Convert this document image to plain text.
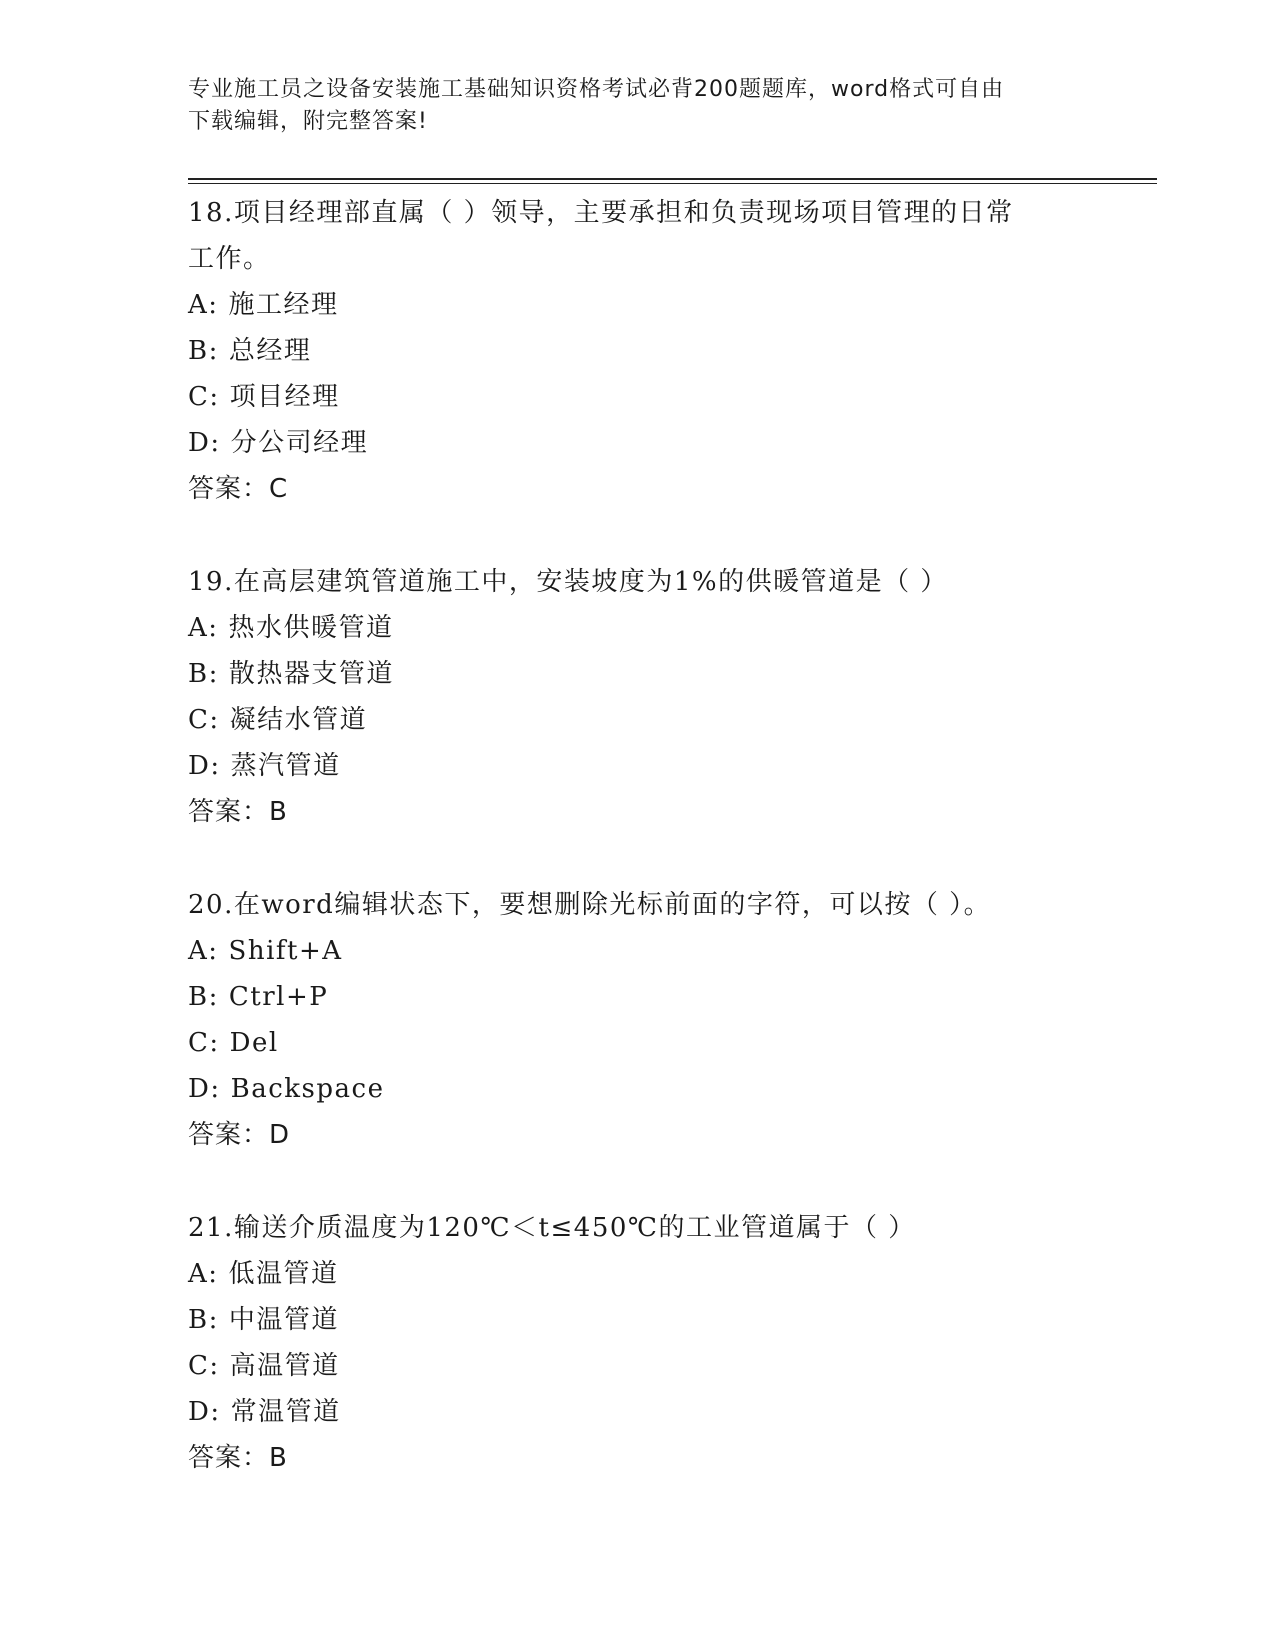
专业施工员之设备安装施工基础知识资格考试必背200题题库，word格式可自由
下载编辑，附完整答案!
18.项目经理部直属（ ）领导，主要承担和负责现场项目管理的日常
工作。
A: 施工经理
B: 总经理
C: 项目经理
D: 分公司经理
答案：C
19.在高层建筑管道施工中，安装坡度为1%的供暖管道是（ ）
A: 热水供暖管道
B: 散热器支管道
C: 凝结水管道
D: 蒸汽管道
答案：B
20.在word编辑状态下，要想删除光标前面的字符，可以按（ ）。
A: Shift+A
B: Ctrl+P
C: Del
D: Backspace
答案：D
21.输送介质温度为120℃＜t≤450℃的工业管道属于（ ）
A: 低温管道
B: 中温管道
C: 高温管道
D: 常温管道
答案：B
